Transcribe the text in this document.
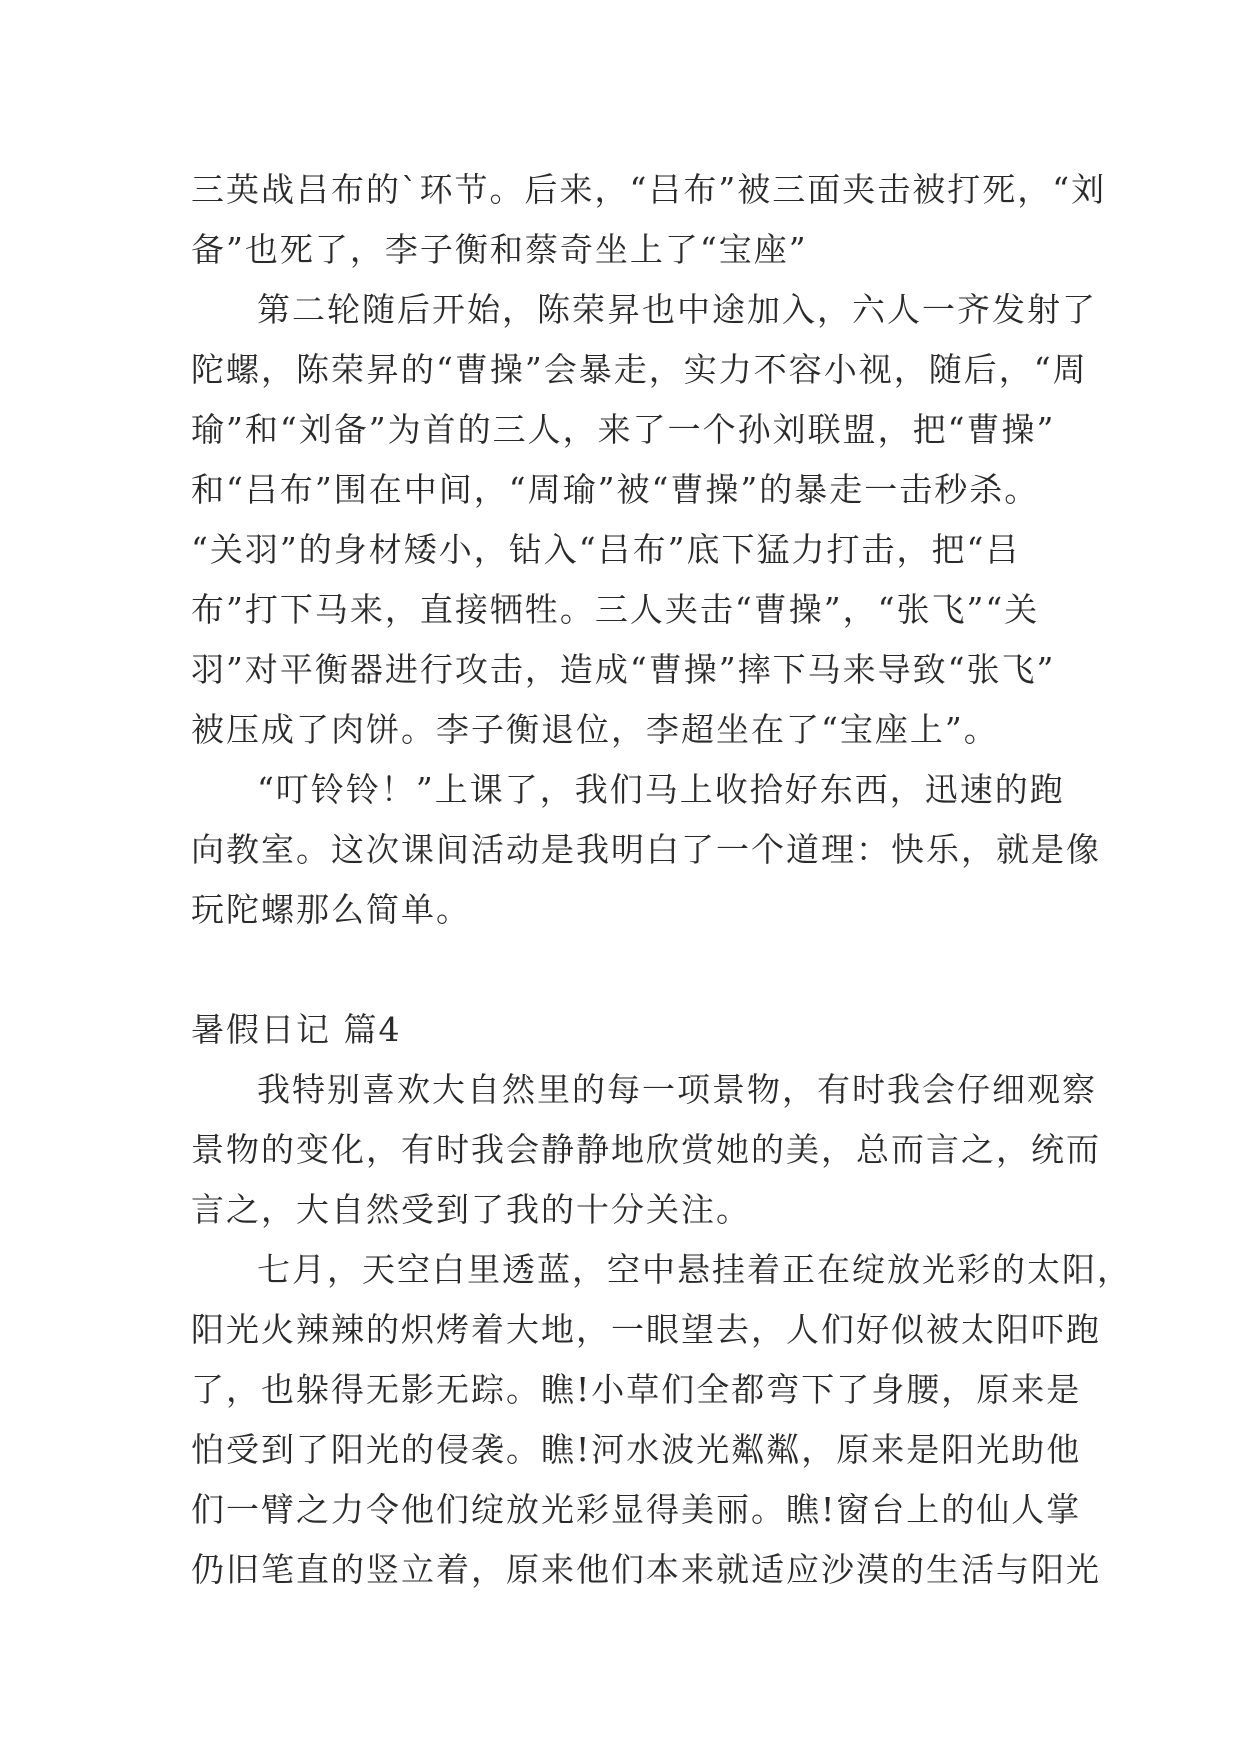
三英战吕布的`环节。后来，“吕布”被三面夹击被打死，“刘
备”也死了，李子衡和蔡奇坐上了“宝座”
第二轮随后开始，陈荣昇也中途加入，六人一齐发射了
陀螺，陈荣昇的“曹操”会暴走，实力不容小视，随后，“周
瑜”和“刘备”为首的三人，来了一个孙刘联盟，把“曹操”
和“吕布”围在中间，“周瑜”被“曹操”的暴走一击秒杀。
“关羽”的身材矮小，钻入“吕布”底下猛力打击，把“吕
布”打下马来，直接牺牲。三人夹击“曹操”，“张飞”“关
羽”对平衡器进行攻击，造成“曹操”摔下马来导致“张飞”
被压成了肉饼。李子衡退位，李超坐在了“宝座上”。
“叮铃铃！”上课了，我们马上收拾好东西，迅速的跑
向教室。这次课间活动是我明白了一个道理：快乐，就是像
玩陀螺那么简单。
暑假日记 篇4
我特别喜欢大自然里的每一项景物，有时我会仔细观察
景物的变化，有时我会静静地欣赏她的美，总而言之，统而
言之，大自然受到了我的十分关注。
七月，天空白里透蓝，空中悬挂着正在绽放光彩的太阳，
阳光火辣辣的炽烤着大地，一眼望去，人们好似被太阳吓跑
了，也躲得无影无踪。瞧!小草们全都弯下了身腰，原来是
怕受到了阳光的侵袭。瞧!河水波光粼粼，原来是阳光助他
们一臂之力令他们绽放光彩显得美丽。瞧!窗台上的仙人掌
仍旧笔直的竖立着，原来他们本来就适应沙漠的生活与阳光
